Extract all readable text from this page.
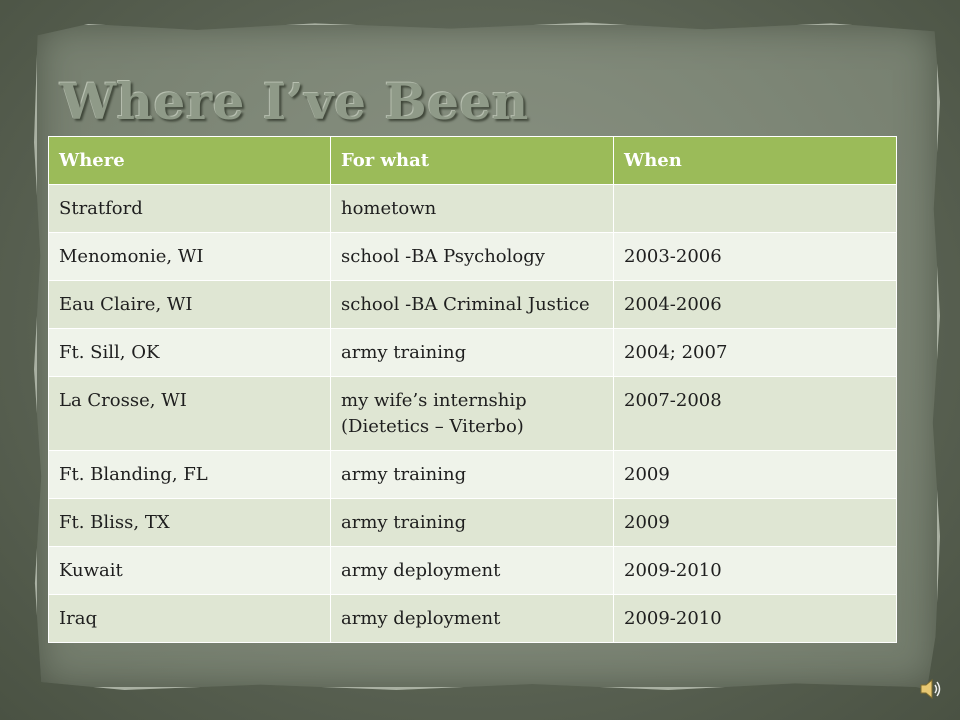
Where I’ve Been
Where	For what	When
Stratford	hometown	
Menomonie, WI	school -BA Psychology	2003-2006
Eau Claire, WI	school -BA Criminal Justice	2004-2006
Ft. Sill, OK	army training	2004; 2007
La Crosse, WI	my wife’s internship (Dietetics – Viterbo)	2007-2008
Ft. Blanding, FL	army training	2009
Ft. Bliss, TX	army training	2009
Kuwait	army deployment	2009-2010
Iraq	army deployment	2009-2010
